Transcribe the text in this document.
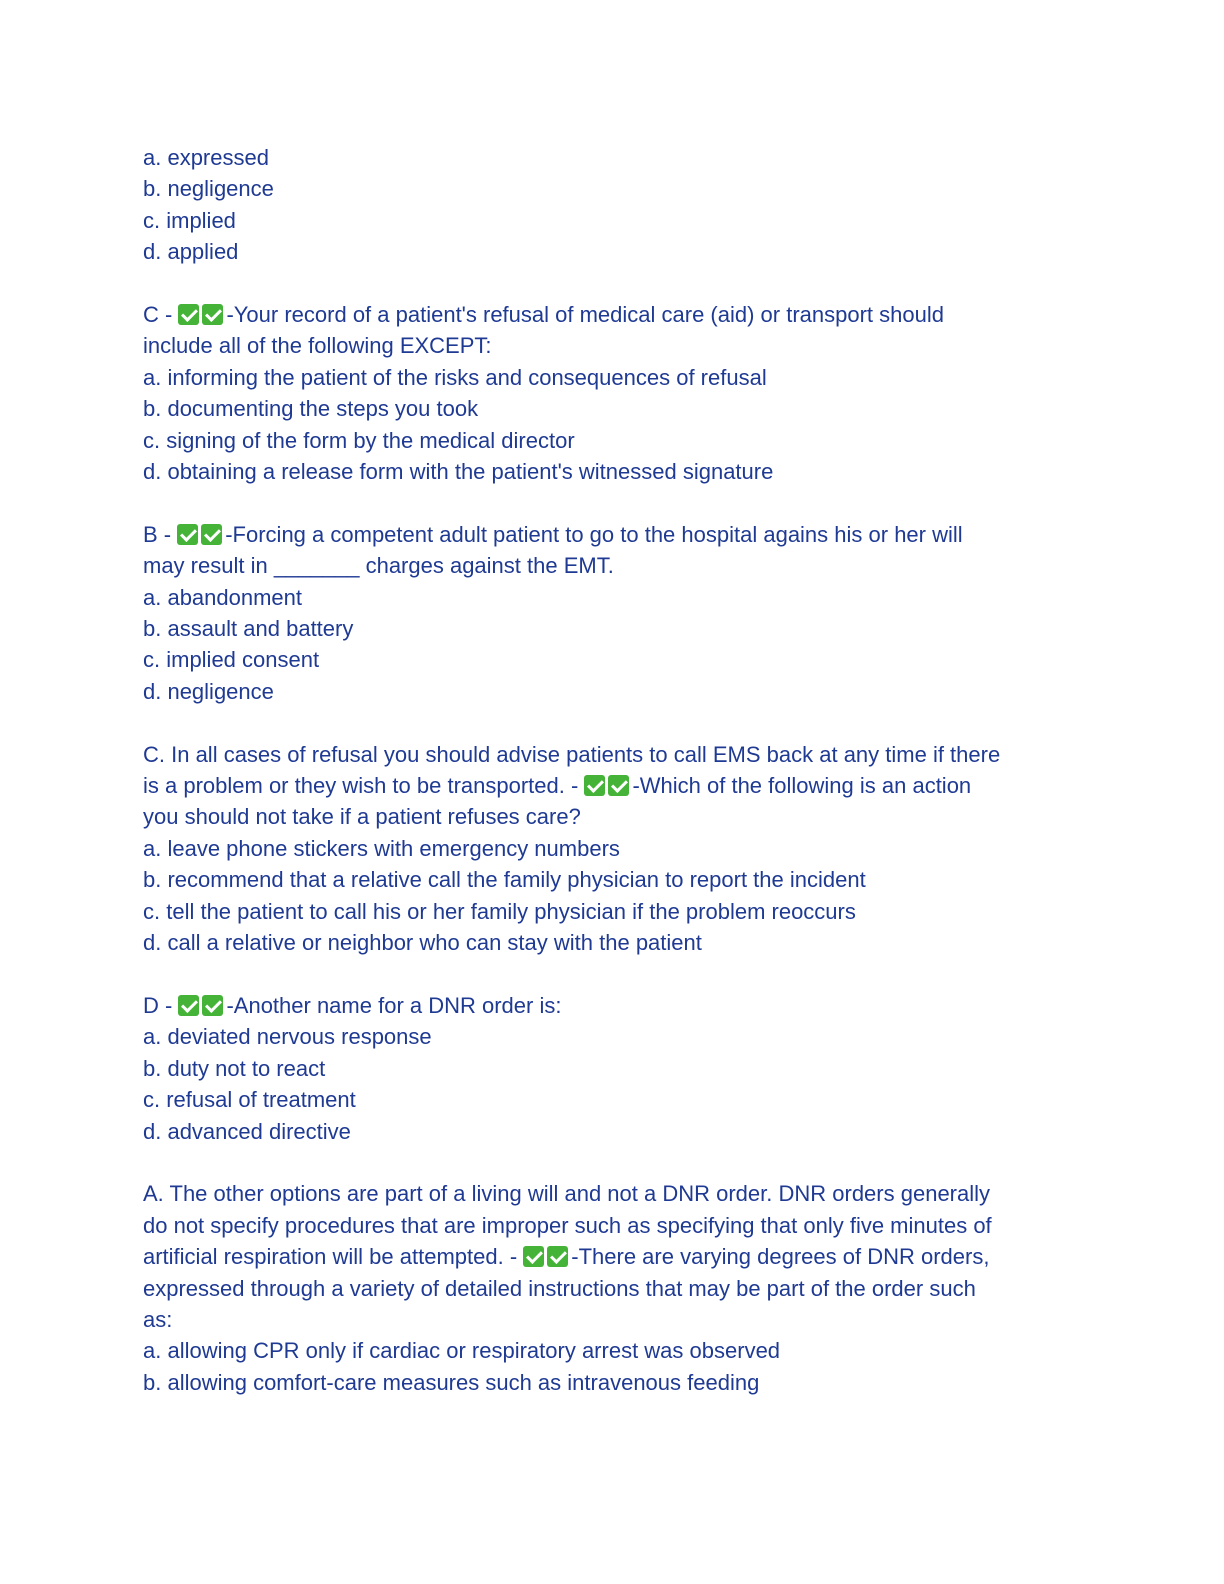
a. expressed
b. negligence
c. implied
d. applied
C - -Your record of a patient's refusal of medical care (aid) or transport should
include all of the following EXCEPT:
a. informing the patient of the risks and consequences of refusal
b. documenting the steps you took
c. signing of the form by the medical director
d. obtaining a release form with the patient's witnessed signature
B - -Forcing a competent adult patient to go to the hospital agains his or her will
may result in _______ charges against the EMT.
a. abandonment
b. assault and battery
c. implied consent
d. negligence
C. In all cases of refusal you should advise patients to call EMS back at any time if there
is a problem or they wish to be transported. - -Which of the following is an action
you should not take if a patient refuses care?
a. leave phone stickers with emergency numbers
b. recommend that a relative call the family physician to report the incident
c. tell the patient to call his or her family physician if the problem reoccurs
d. call a relative or neighbor who can stay with the patient
D - -Another name for a DNR order is:
a. deviated nervous response
b. duty not to react
c. refusal of treatment
d. advanced directive
A. The other options are part of a living will and not a DNR order. DNR orders generally
do not specify procedures that are improper such as specifying that only five minutes of
artificial respiration will be attempted. - -There are varying degrees of DNR orders,
expressed through a variety of detailed instructions that may be part of the order such
as:
a. allowing CPR only if cardiac or respiratory arrest was observed
b. allowing comfort-care measures such as intravenous feeding
